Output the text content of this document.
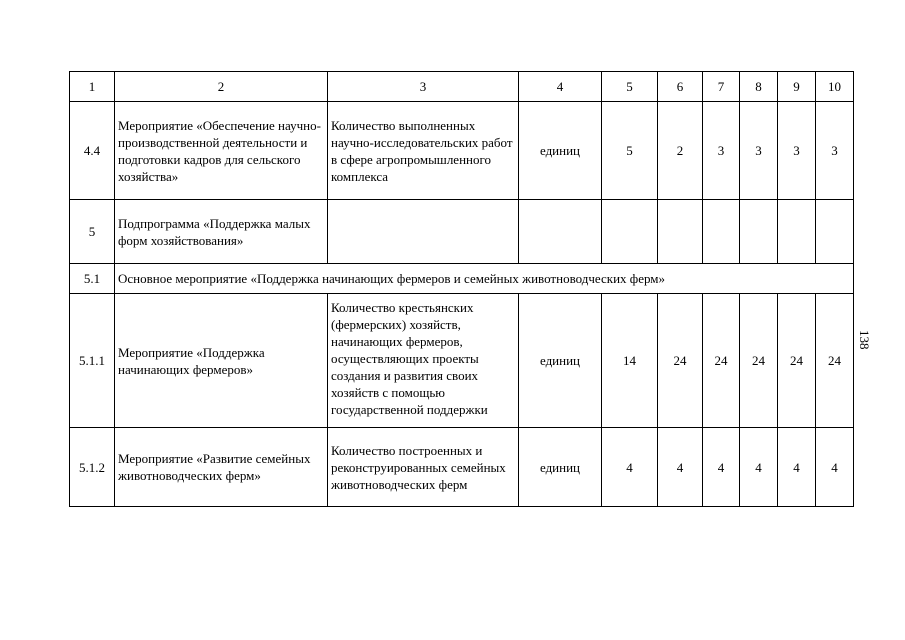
1	2	3	4	5	6	7	8	9	10
4.4	Мероприятие «Обеспечение научно-производственной деятельности и подготовки кадров для сельского хозяйства»	Количество выполненных научно-исследовательских работ в сфере агропромышленного комплекса	единиц	5	2	3	3	3	3
5	Подпрограмма «Поддержка малых форм хозяйствования»								
5.1	Основное мероприятие «Поддержка начинающих фермеров и семейных животноводческих ферм»								
5.1.1	Мероприятие «Поддержка начинающих фермеров»	Количество крестьянских (фермерских) хозяйств, начинающих фермеров, осуществляющих проекты создания и развития своих хозяйств с помощью государственной поддержки	единиц	14	24	24	24	24	24
5.1.2	Мероприятие «Развитие семейных животноводческих ферм»	Количество построенных и реконструированных семейных животноводческих ферм	единиц	4	4	4	4	4	4
138
